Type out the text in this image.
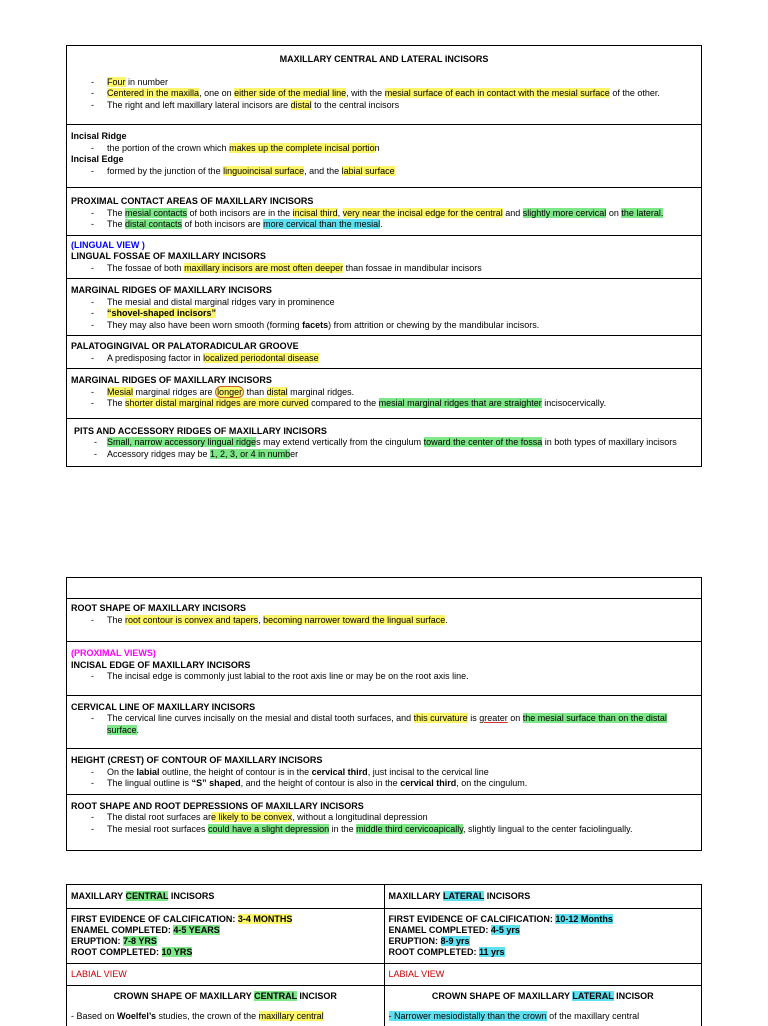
MAXILLARY CENTRAL AND LATERAL INCISORS
- Four in number
- Centered in the maxilla, one on either side of the medial line, with the mesial surface of each in contact with the mesial surface of the other.
- The right and left maxillary lateral incisors are distal to the central incisors
Incisal Ridge
- the portion of the crown which makes up the complete incisal portion
Incisal Edge
- formed by the junction of the linguoincisal surface, and the labial surface
PROXIMAL CONTACT AREAS OF MAXILLARY INCISORS
- The mesial contacts of both incisors are in the incisal third, very near the incisal edge for the central and slightly more cervical on the lateral.
- The distal contacts of both incisors are more cervical than the mesial.
(LINGUAL VIEW )
LINGUAL FOSSAE OF MAXILLARY INCISORS
- The fossae of both maxillary incisors are most often deeper than fossae in mandibular incisors
MARGINAL RIDGES OF MAXILLARY INCISORS
- The mesial and distal marginal ridges vary in prominence
- “shovel-shaped incisors”
- They may also have been worn smooth (forming facets) from attrition or chewing by the mandibular incisors.
PALATOGINGIVAL OR PALATORADICULAR GROOVE
- A predisposing factor in localized periodontal disease
MARGINAL RIDGES OF MAXILLARY INCISORS
- Mesial marginal ridges are longer than distal marginal ridges.
- The shorter distal marginal ridges are more curved compared to the mesial marginal ridges that are straighter incisocervically.
PITS AND ACCESSORY RIDGES OF MAXILLARY INCISORS
- Small, narrow accessory lingual ridges may extend vertically from the cingulum toward the center of the fossa in both types of maxillary incisors
- Accessory ridges may be 1, 2, 3, or 4 in number
ROOT SHAPE OF MAXILLARY INCISORS
- The root contour is convex and tapers, becoming narrower toward the lingual surface.
(PROXIMAL VIEWS)
INCISAL EDGE OF MAXILLARY INCISORS
- The incisal edge is commonly just labial to the root axis line or may be on the root axis line.
CERVICAL LINE OF MAXILLARY INCISORS
- The cervical line curves incisally on the mesial and distal tooth surfaces, and this curvature is greater on the mesial surface than on the distal surface.
HEIGHT (CREST) OF CONTOUR OF MAXILLARY INCISORS
- On the labial outline, the height of contour is in the cervical third, just incisal to the cervical line
- The lingual outline is “S” shaped, and the height of contour is also in the cervical third, on the cingulum.
ROOT SHAPE AND ROOT DEPRESSIONS OF MAXILLARY INCISORS
- The distal root surfaces are likely to be convex, without a longitudinal depression
- The mesial root surfaces could have a slight depression in the middle third cervicoapically, slightly lingual to the center faciolingually.
MAXILLARY CENTRAL INCISORS	MAXILLARY LATERAL INCISORS
FIRST EVIDENCE OF CALCIFICATION: 3-4 MONTHS
ENAMEL COMPLETED: 4-5 YEARS
ERUPTION: 7-8 YRS
ROOT COMPLETED: 10 YRS
FIRST EVIDENCE OF CALCIFICATION: 10-12 Months
ENAMEL COMPLETED: 4-5 yrs
ERUPTION: 8-9 yrs
ROOT COMPLETED: 11 yrs
LABIAL VIEW	LABIAL VIEW
CROWN SHAPE OF MAXILLARY CENTRAL INCISOR
- Based on Woelfel’s studies, the crown of the maxillary central
CROWN SHAPE OF MAXILLARY LATERAL INCISOR
- Narrower mesiodistally than the crown of the maxillary central
